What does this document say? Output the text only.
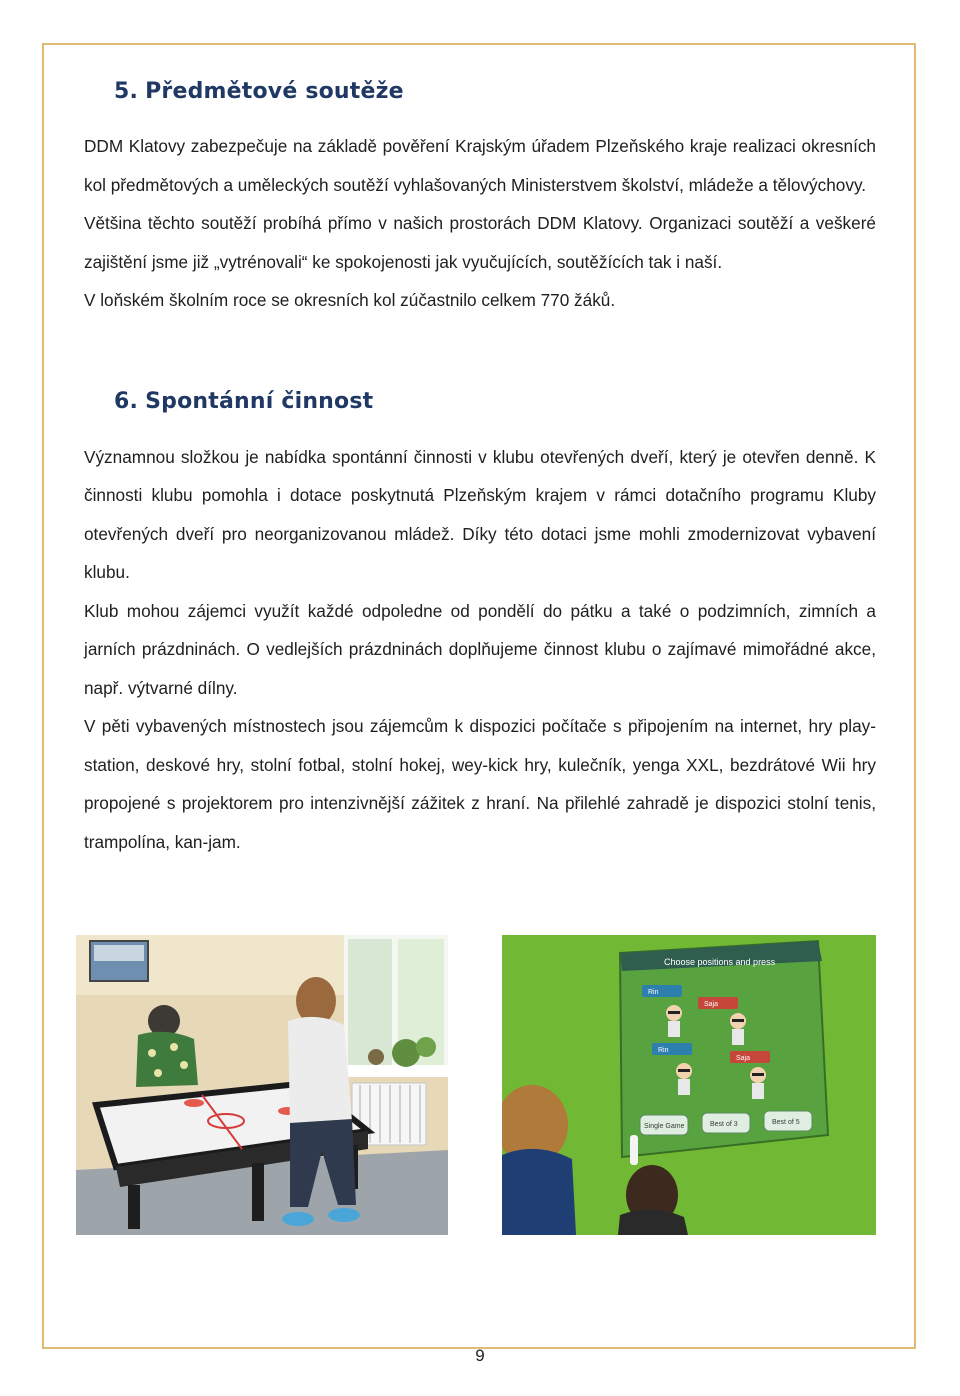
5. Předmětové soutěže

DDM Klatovy zabezpečuje na základě pověření Krajským úřadem Plzeňského kraje realizaci okresních kol předmětových a uměleckých soutěží vyhlašovaných Ministerstvem školství, mládeže a tělovýchovy.

Většina těchto soutěží probíhá přímo v našich prostorách DDM Klatovy. Organizaci soutěží a veškeré zajištění jsme již „vytrénovali“ ke spokojenosti jak vyučujících, soutěžících tak i naší.

V loňském školním roce se okresních kol zúčastnilo celkem 770 žáků.

6. Spontánní činnost

Významnou složkou je nabídka spontánní činnosti v klubu otevřených dveří, který je otevřen denně. K činnosti klubu pomohla i dotace poskytnutá Plzeňským krajem v rámci dotačního programu Kluby otevřených dveří pro neorganizovanou mládež. Díky této dotaci jsme mohli zmodernizovat vybavení klubu.

Klub mohou zájemci využít každé odpoledne od pondělí do pátku a také o podzimních, zimních a jarních prázdninách. O vedlejších prázdninách doplňujeme činnost klubu o zajímavé mimořádné akce, např. výtvarné dílny.

V pěti vybavených místnostech jsou zájemcům k dispozici počítače s připojením na internet, hry play-station, deskové hry, stolní fotbal, stolní hokej, wey-kick hry, kulečník, yenga XXL, bezdrátové Wii hry propojené s projektorem pro intenzivnější zážitek z hraní. Na přilehlé zahradě je dispozici stolní tenis, trampolína, kan-jam.

Choose positions and press
Rin
Saja
Rin
Saja
Single Game	Best of 3	Best of 5
9
